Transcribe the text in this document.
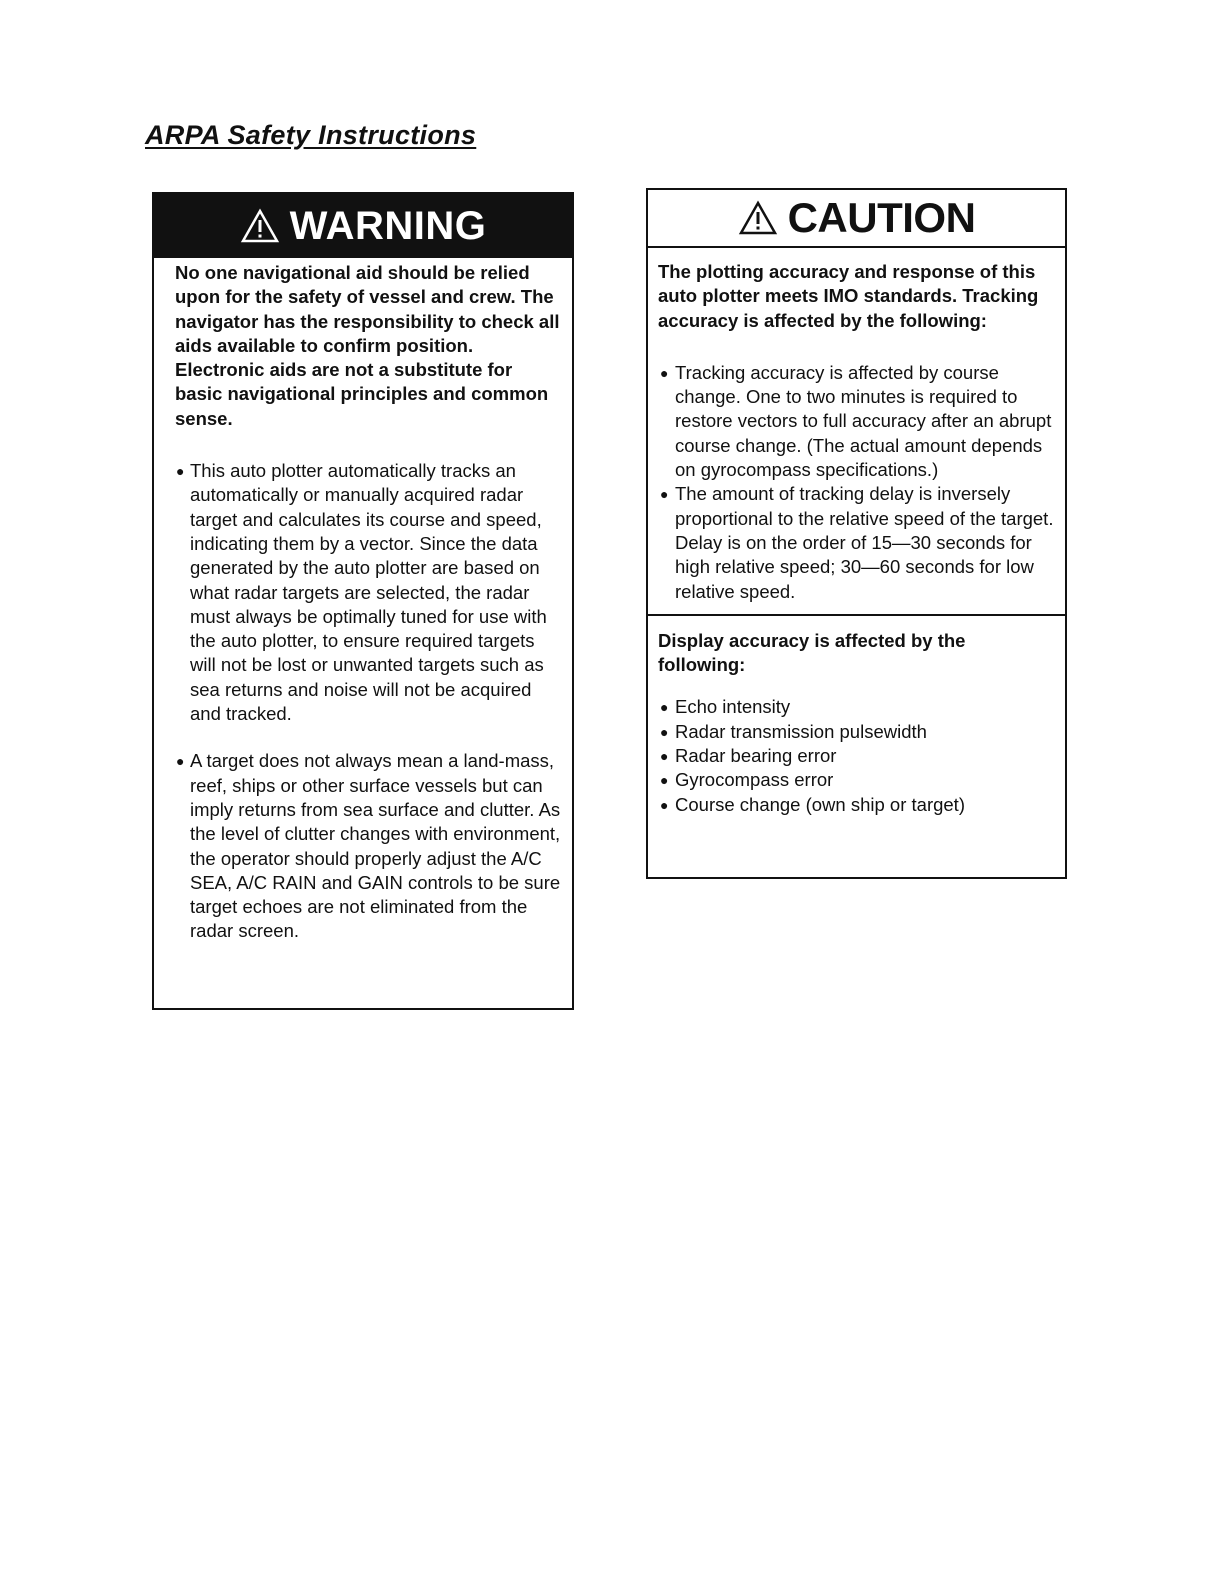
ARPA Safety Instructions
WARNING

No one navigational aid should be relied upon for the safety of vessel and crew. The navigator has the responsibility to check all aids available to confirm position. Electronic aids are not a substitute for basic navigational principles and common sense.

● This auto plotter automatically tracks an automatically or manually acquired radar target and calculates its course and speed, indicating them by a vector. Since the data generated by the auto plotter are based on what radar targets are selected, the radar must always be optimally tuned for use with the auto plotter, to ensure required targets will not be lost or unwanted targets such as sea returns and noise will not be acquired and tracked.
● A target does not always mean a land-mass, reef, ships or other surface vessels but can imply returns from sea surface and clutter. As the level of clutter changes with environment, the operator should properly adjust the A/C SEA, A/C RAIN and GAIN controls to be sure target echoes are not eliminated from the radar screen.
CAUTION

The plotting accuracy and response of this auto plotter meets IMO standards. Tracking accuracy is affected by the following:

● Tracking accuracy is affected by course change. One to two minutes is required to restore vectors to full accuracy after an abrupt course change. (The actual amount depends on gyrocompass specifications.)
● The amount of tracking delay is inversely proportional to the relative speed of the target. Delay is on the order of 15—30 seconds for high relative speed; 30—60 seconds for low relative speed.

Display accuracy is affected by the following:

● Echo intensity
● Radar transmission pulsewidth
● Radar bearing error
● Gyrocompass error
● Course change (own ship or target)
